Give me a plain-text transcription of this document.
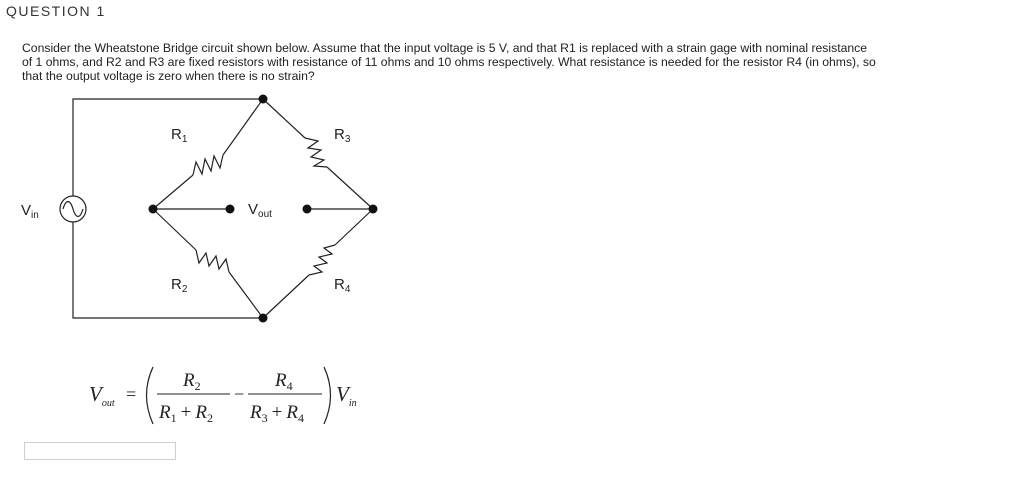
QUESTION 1

Consider the Wheatstone Bridge circuit shown below. Assume that the input voltage is 5 V, and that R1 is replaced with a strain gage with nominal resistance

of 1 ohms, and R2 and R3 are fixed resistors with resistance of 11 ohms and 10 ohms respectively. What resistance is needed for the resistor R4 (in ohms), so

that the output voltage is zero when there is no strain?

$V_{in}$	$V_{out}$
$R_1$	$R_3$
$R_2$	$R_4$
$V_{out}$ =
$R_2$
$R_1 + R_2$
−
$R_4$
$R_3 + R_4$
$V_{in}$
